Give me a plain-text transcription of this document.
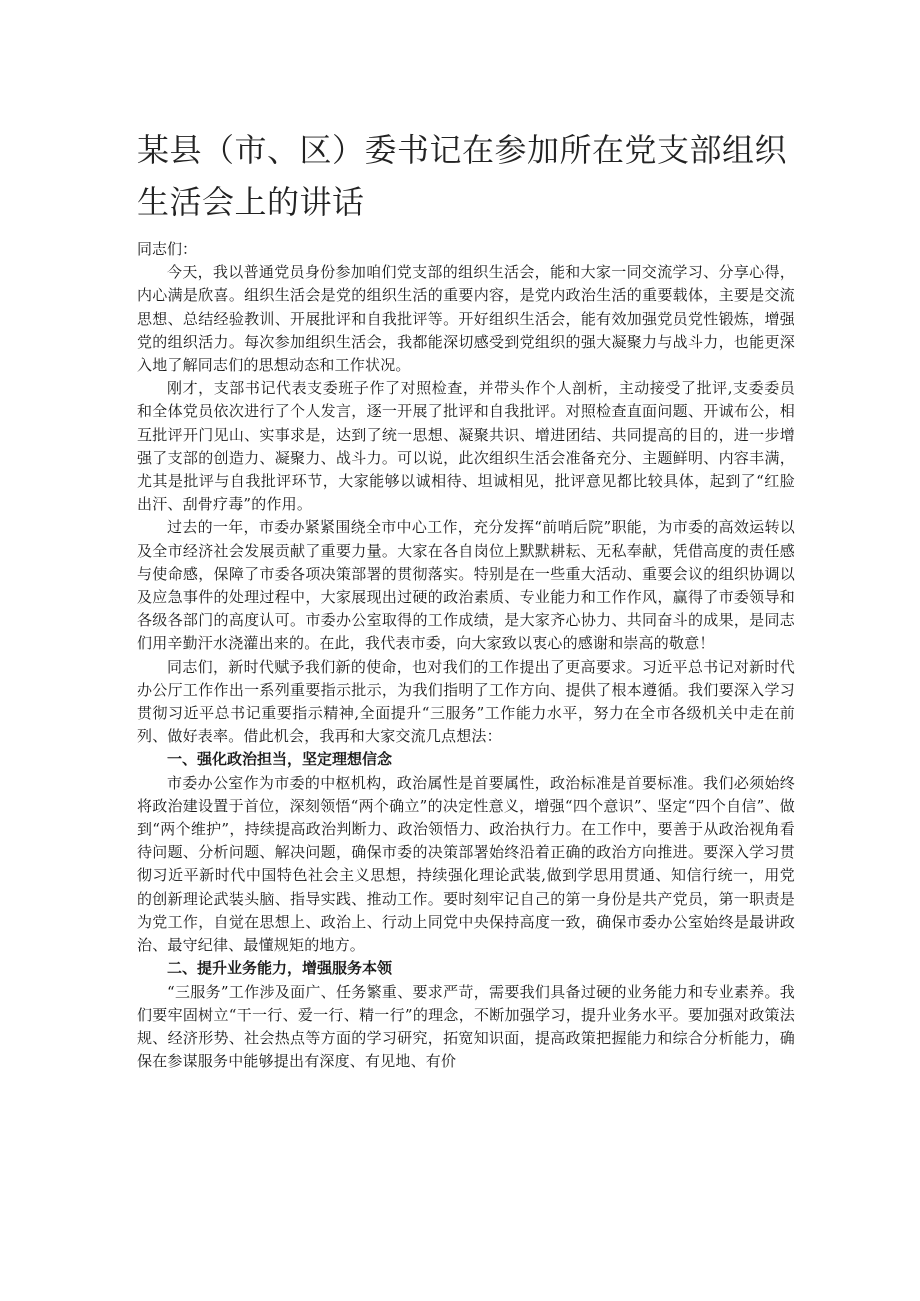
某县（市、区）委书记在参加所在党支部组织生活会上的讲话

同志们：

今天，我以普通党员身份参加咱们党支部的组织生活会，能和大家一同交流学习、分享心得，内心满是欣喜。组织生活会是党的组织生活的重要内容，是党内政治生活的重要载体，主要是交流思想、总结经验教训、开展批评和自我批评等。开好组织生活会，能有效加强党员党性锻炼，增强党的组织活力。每次参加组织生活会，我都能深切感受到党组织的强大凝聚力与战斗力，也能更深入地了解同志们的思想动态和工作状况。

刚才，支部书记代表支委班子作了对照检查，并带头作个人剖析，主动接受了批评,支委委员和全体党员依次进行了个人发言，逐一开展了批评和自我批评。对照检查直面问题、开诚布公，相互批评开门见山、实事求是，达到了统一思想、凝聚共识、增进团结、共同提高的目的，进一步增强了支部的创造力、凝聚力、战斗力。可以说，此次组织生活会准备充分、主题鲜明、内容丰满，尤其是批评与自我批评环节，大家能够以诚相待、坦诚相见，批评意见都比较具体，起到了“红脸出汗、刮骨疗毒”的作用。

过去的一年，市委办紧紧围绕全市中心工作，充分发挥“前哨后院”职能，为市委的高效运转以及全市经济社会发展贡献了重要力量。大家在各自岗位上默默耕耘、无私奉献，凭借高度的责任感与使命感，保障了市委各项决策部署的贯彻落实。特别是在一些重大活动、重要会议的组织协调以及应急事件的处理过程中，大家展现出过硬的政治素质、专业能力和工作作风，赢得了市委领导和各级各部门的高度认可。市委办公室取得的工作成绩，是大家齐心协力、共同奋斗的成果，是同志们用辛勤汗水浇灌出来的。在此，我代表市委，向大家致以衷心的感谢和崇高的敬意！

同志们，新时代赋予我们新的使命，也对我们的工作提出了更高要求。习近平总书记对新时代办公厅工作作出一系列重要指示批示，为我们指明了工作方向、提供了根本遵循。我们要深入学习贯彻习近平总书记重要指示精神,全面提升“三服务”工作能力水平，努力在全市各级机关中走在前列、做好表率。借此机会，我再和大家交流几点想法：

一、强化政治担当，坚定理想信念

市委办公室作为市委的中枢机构，政治属性是首要属性，政治标准是首要标准。我们必须始终将政治建设置于首位，深刻领悟“两个确立”的决定性意义，增强“四个意识”、坚定“四个自信”、做到“两个维护”，持续提高政治判断力、政治领悟力、政治执行力。在工作中，要善于从政治视角看待问题、分析问题、解决问题，确保市委的决策部署始终沿着正确的政治方向推进。要深入学习贯彻习近平新时代中国特色社会主义思想，持续强化理论武装,做到学思用贯通、知信行统一，用党的创新理论武装头脑、指导实践、推动工作。要时刻牢记自己的第一身份是共产党员，第一职责是为党工作，自觉在思想上、政治上、行动上同党中央保持高度一致，确保市委办公室始终是最讲政治、最守纪律、最懂规矩的地方。

二、提升业务能力，增强服务本领

“三服务”工作涉及面广、任务繁重、要求严苛，需要我们具备过硬的业务能力和专业素养。我们要牢固树立“干一行、爱一行、精一行”的理念，不断加强学习，提升业务水平。要加强对政策法规、经济形势、社会热点等方面的学习研究，拓宽知识面，提高政策把握能力和综合分析能力，确保在参谋服务中能够提出有深度、有见地、有价
